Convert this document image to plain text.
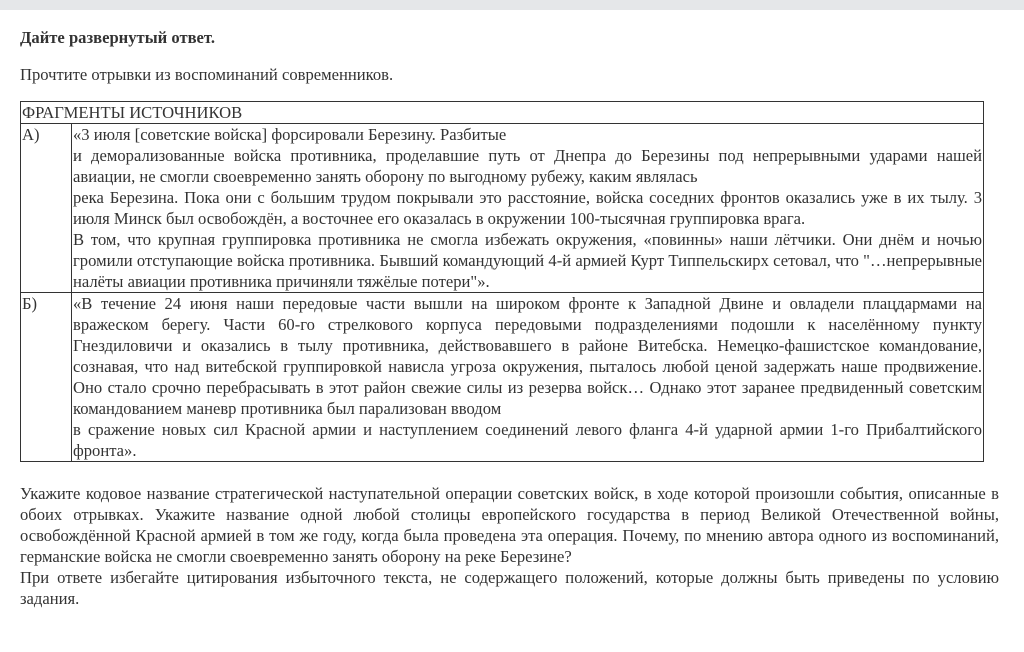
Дайте развернутый ответ.

Прочтите отрывки из воспоминаний современников.

ФРАГМЕНТЫ ИСТОЧНИКОВ	
А)	«3 июля [советские войска] форсировали Березину. Разбитые
и деморализованные войска противника, проделавшие путь от Днепра до Березины под непрерывными ударами нашей авиации, не смогли своевременно занять оборону по выгодному рубежу, каким являлась
река Березина. Пока они с большим трудом покрывали это расстояние, войска соседних фронтов оказались уже в их тылу. 3 июля Минск был освобождён, а восточнее его оказалась в окружении 100-тысячная группировка врага.
В том, что крупная группировка противника не смогла избежать окружения, «повинны» наши лётчики. Они днём и ночью громили отступающие войска противника. Бывший командующий 4-й армией Курт Типпельскирх сетовал, что "…непрерывные налёты авиации противника причиняли тяжёлые потери"».

Б)	«В течение 24 июня наши передовые части вышли на широком фронте к Западной Двине и овладели плацдармами на вражеском берегу. Части 60-го стрелкового корпуса передовыми подразделениями подошли к населённому пункту Гнездиловичи и оказались в тылу противника, действовавшего в районе Витебска. Немецко-фашистское командование, сознавая, что над витебской группировкой нависла угроза окружения, пыталось любой ценой задержать наше продвижение. Оно стало срочно перебрасывать в этот район свежие силы из резерва войск… Однако этот заранее предвиденный советским командованием маневр противника был парализован вводом
в сражение новых сил Красной армии и наступлением соединений левого фланга 4-й ударной армии 1-го Прибалтийского фронта».
Укажите кодовое название стратегической наступательной операции советских войск, в ходе которой произошли события, описанные в обоих отрывках. Укажите название одной любой столицы европейского государства в период Великой Отечественной войны, освобождённой Красной армией в том же году, когда была проведена эта операция. Почему, по мнению автора одного из воспоминаний, германские войска не смогли своевременно занять оборону на реке Березине?
При ответе избегайте цитирования избыточного текста, не содержащего положений, которые должны быть приведены по условию задания.
